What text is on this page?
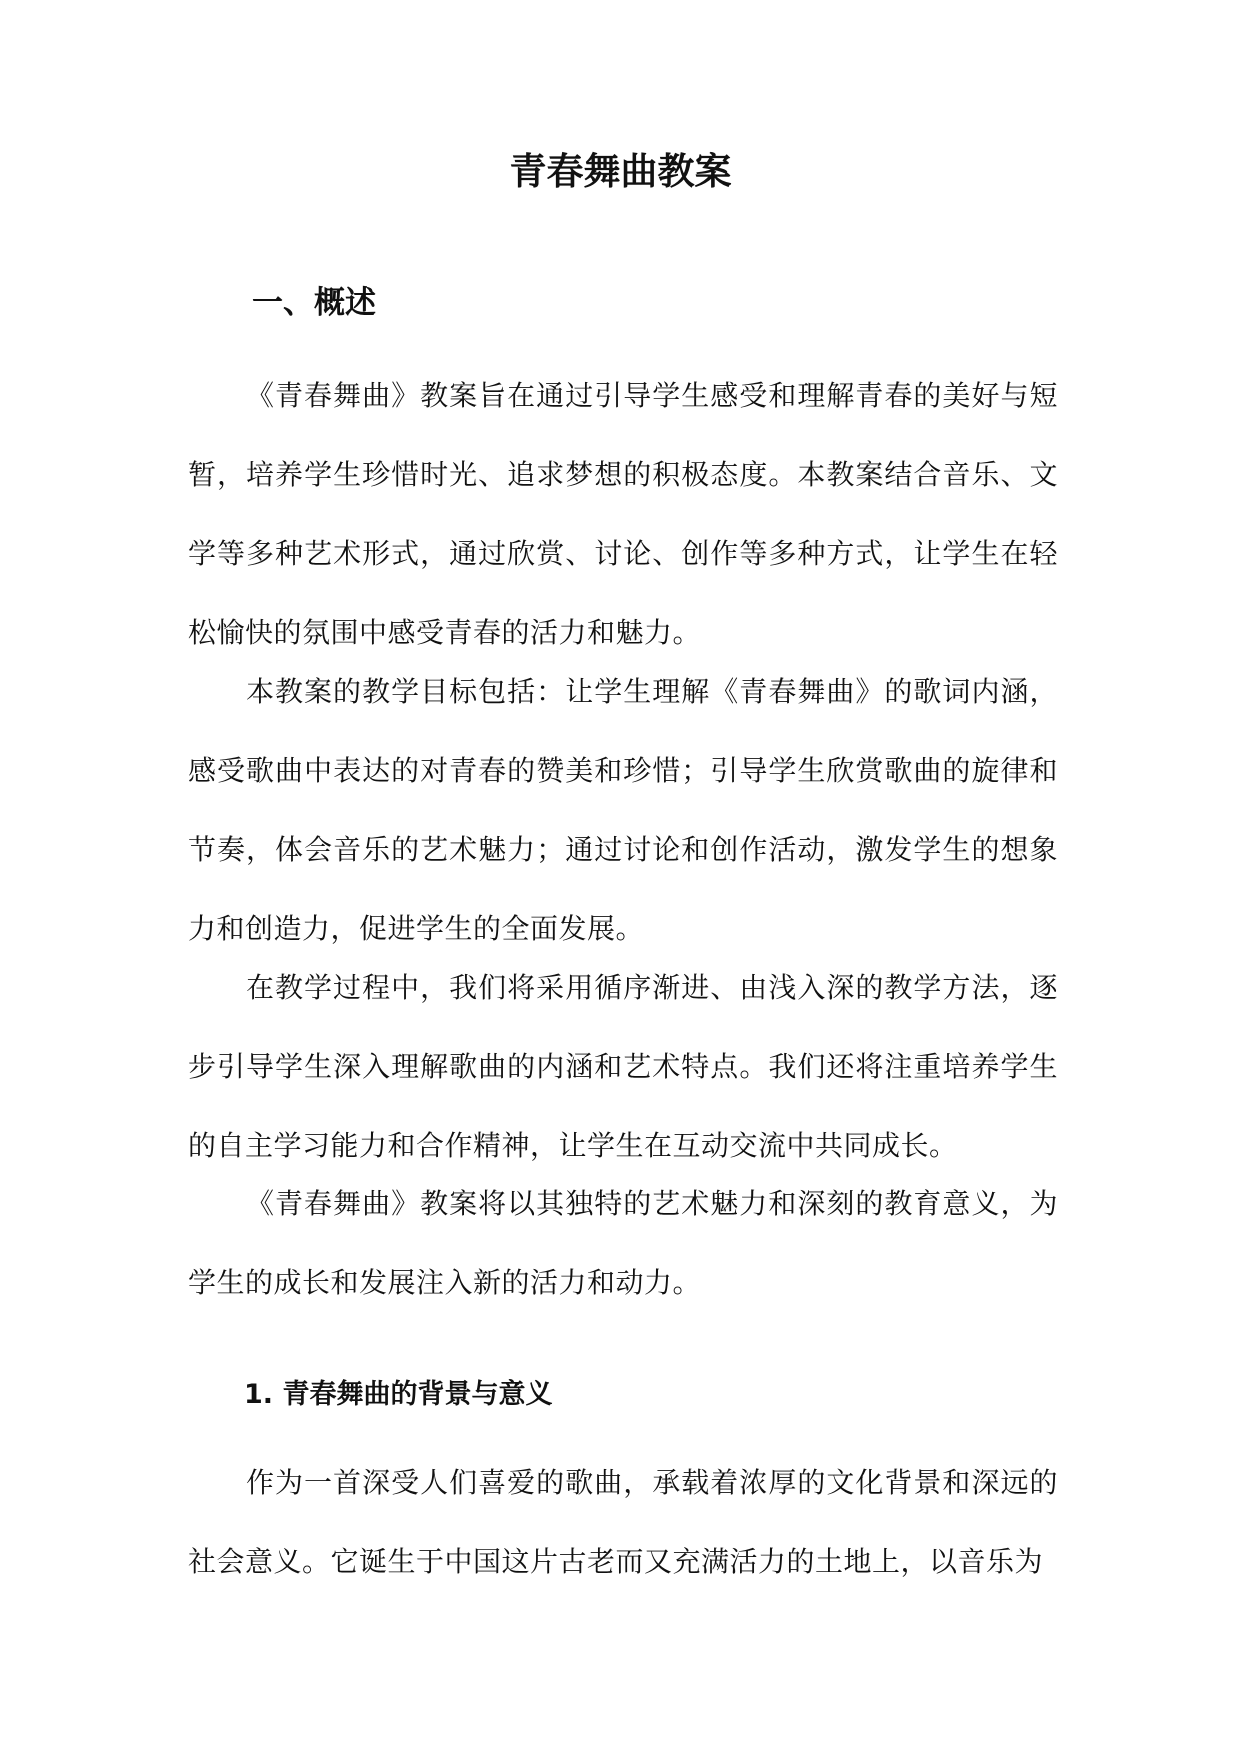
青春舞曲教案
一、概述

《青春舞曲》教案旨在通过引导学生感受和理解青春的美好与短暂，培养学生珍惜时光、追求梦想的积极态度。本教案结合音乐、文学等多种艺术形式，通过欣赏、讨论、创作等多种方式，让学生在轻松愉快的氛围中感受青春的活力和魅力。

本教案的教学目标包括：让学生理解《青春舞曲》的歌词内涵，感受歌曲中表达的对青春的赞美和珍惜；引导学生欣赏歌曲的旋律和节奏，体会音乐的艺术魅力；通过讨论和创作活动，激发学生的想象力和创造力，促进学生的全面发展。

在教学过程中，我们将采用循序渐进、由浅入深的教学方法，逐步引导学生深入理解歌曲的内涵和艺术特点。我们还将注重培养学生的自主学习能力和合作精神，让学生在互动交流中共同成长。

《青春舞曲》教案将以其独特的艺术魅力和深刻的教育意义，为学生的成长和发展注入新的活力和动力。

1. 青春舞曲的背景与意义

作为一首深受人们喜爱的歌曲，承载着浓厚的文化背景和深远的社会意义。它诞生于中国这片古老而又充满活力的土地上，以音乐为
